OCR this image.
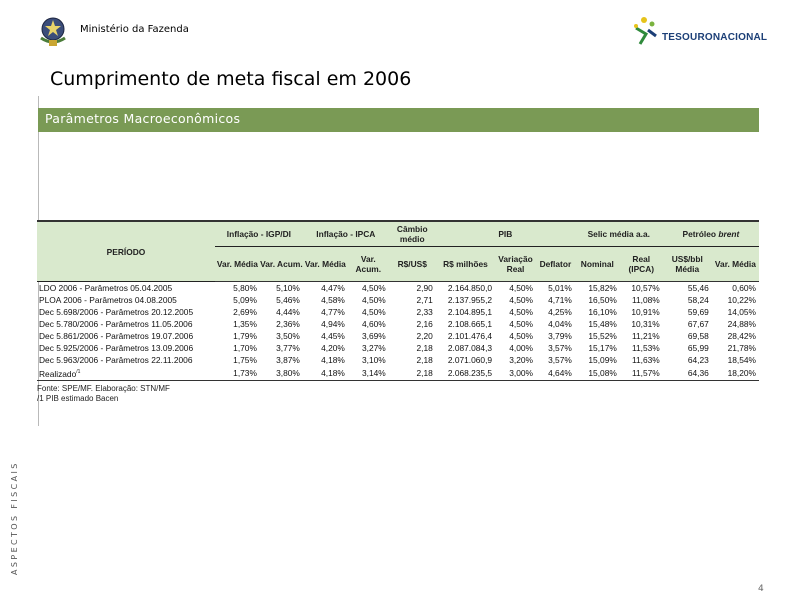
Ministério da Fazenda
TESOURONACIONAL
Cumprimento de meta fiscal em 2006
Parâmetros Macroeconômicos
PERÍODO	Inflação - IGP/DI		Inflação - IPCA		Câmbio médio	PIB			Selic média a.a.		Petróleo brent	
	Var. Média	Var. Acum.	Var. Média	Var. Acum.	R$/US$	R$ milhões	Variação Real	Deflator	Nominal	Real (IPCA)	US$/bbl Média	Var. Média
LDO 2006 - Parâmetros 05.04.2005	5,80%	5,10%	4,47%	4,50%	2,90	2.164.850,0	4,50%	5,01%	15,82%	10,57%	55,46	0,60%
PLOA 2006 - Parâmetros 04.08.2005	5,09%	5,46%	4,58%	4,50%	2,71	2.137.955,2	4,50%	4,71%	16,50%	11,08%	58,24	10,22%
Dec 5.698/2006 - Parâmetros 20.12.2005	2,69%	4,44%	4,77%	4,50%	2,33	2.104.895,1	4,50%	4,25%	16,10%	10,91%	59,69	14,05%
Dec 5.780/2006 - Parâmetros 11.05.2006	1,35%	2,36%	4,94%	4,60%	2,16	2.108.665,1	4,50%	4,04%	15,48%	10,31%	67,67	24,88%
Dec 5.861/2006 - Parâmetros 19.07.2006	1,79%	3,50%	4,45%	3,69%	2,20	2.101.476,4	4,50%	3,79%	15,52%	11,21%	69,58	28,42%
Dec 5.925/2006 - Parâmetros 13.09.2006	1,70%	3,77%	4,20%	3,27%	2,18	2.087.084,3	4,00%	3,57%	15,17%	11,53%	65,99	21,78%
Dec 5.963/2006 - Parâmetros 22.11.2006	1,75%	3,87%	4,18%	3,10%	2,18	2.071.060,9	3,20%	3,57%	15,09%	11,63%	64,23	18,54%
Realizado$^{/1}$	1,73%	3,80%	4,18%	3,14%	2,18	2.068.235,5	3,00%	4,64%	15,08%	11,57%	64,36	18,20%
Fonte: SPE/MF. Elaboração: STN/MF
/1 PIB estimado Bacen
ASPECTOS FISCAIS
4
